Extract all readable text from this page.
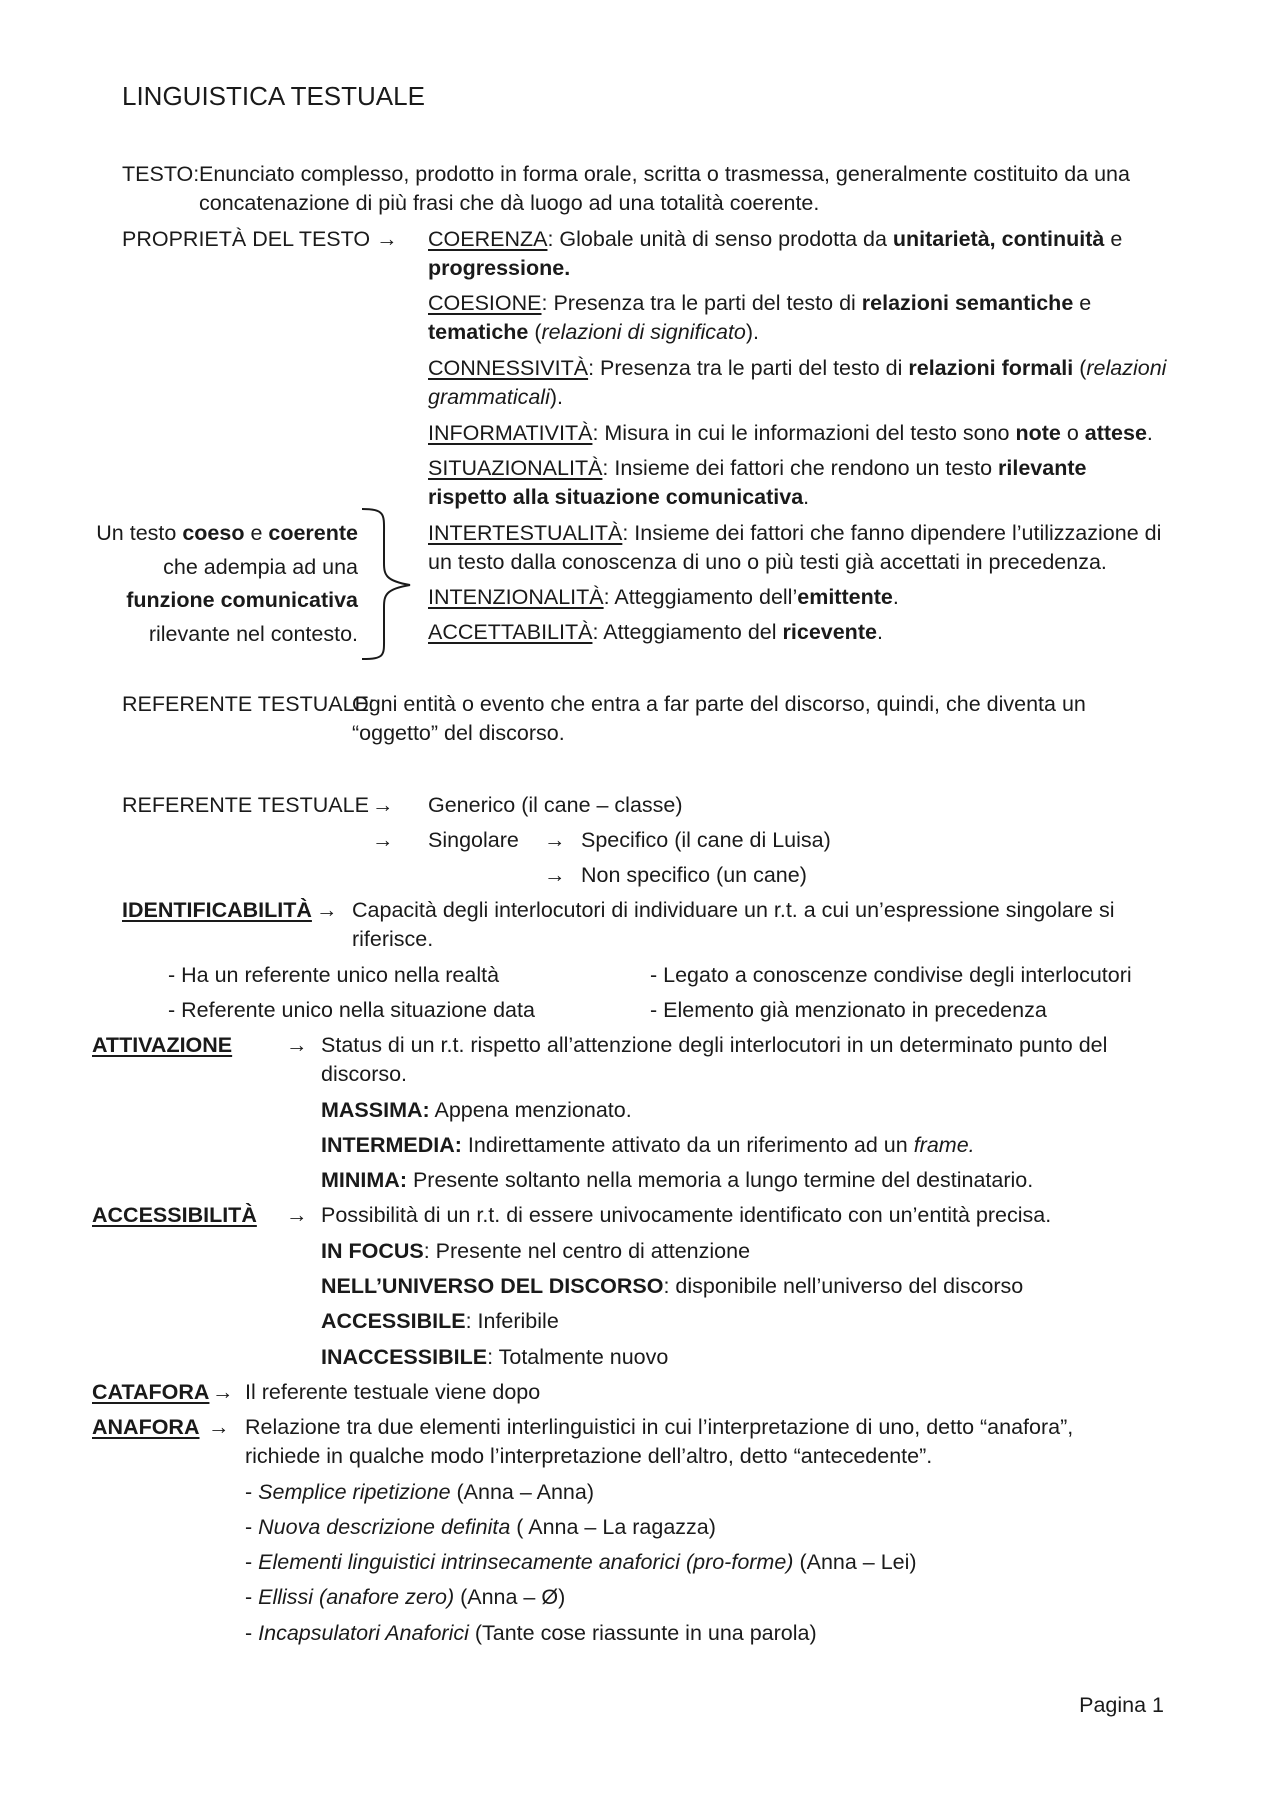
LINGUISTICA TESTUALE
TESTO: Enunciato complesso, prodotto in forma orale, scritta o trasmessa, generalmente costituito da una
concatenazione di più frasi che dà luogo ad una totalità coerente.
PROPRIETÀ DEL TESTO → COERENZA: Globale unità di senso prodotta da unitarietà, continuità e
progressione.
COESIONE: Presenza tra le parti del testo di relazioni semantiche e
tematiche (relazioni di significato).
CONNESSIVITÀ: Presenza tra le parti del testo di relazioni formali (relazioni
grammaticali).
INFORMATIVITÀ: Misura in cui le informazioni del testo sono note o attese.
SITUAZIONALITÀ: Insieme dei fattori che rendono un testo rilevante
rispetto alla situazione comunicativa.
INTERTESTUALITÀ: Insieme dei fattori che fanno dipendere l’utilizzazione di
un testo dalla conoscenza di uno o più testi già accettati in precedenza.
INTENZIONALITÀ: Atteggiamento dell’emittente.
ACCETTABILITÀ: Atteggiamento del ricevente.
Un testo coeso e coerente
che adempia ad una
funzione comunicativa
rilevante nel contesto.
REFERENTE TESTUALE:
Ogni entità o evento che entra a far parte del discorso, quindi, che diventa un
“oggetto” del discorso.
REFERENTE TESTUALE → Generico (il cane – classe)
→ Singolare → Specifico (il cane di Luisa)
→ Non specifico (un cane)
IDENTIFICABILITÀ → Capacità degli interlocutori di individuare un r.t. a cui un’espressione singolare si
riferisce.
- Ha un referente unico nella realtà
- Referente unico nella situazione data
- Legato a conoscenze condivise degli interlocutori
- Elemento già menzionato in precedenza
ATTIVAZIONE	→ Status di un r.t. rispetto all’attenzione degli interlocutori in un determinato punto del
discorso.
MASSIMA: Appena menzionato.
INTERMEDIA: Indirettamente attivato da un riferimento ad un frame.
MINIMA: Presente soltanto nella memoria a lungo termine del destinatario.
ACCESSIBILITÀ → Possibilità di un r.t. di essere univocamente identificato con un’entità precisa.
IN FOCUS: Presente nel centro di attenzione
NELL’UNIVERSO DEL DISCORSO: disponibile nell’universo del discorso
ACCESSIBILE: Inferibile
INACCESSIBILE: Totalmente nuovo
CATAFORA → Il referente testuale viene dopo
ANAFORA → Relazione tra due elementi interlinguistici in cui l’interpretazione di uno, detto “anafora”,
richiede in qualche modo l’interpretazione dell’altro, detto “antecedente”.
- Semplice ripetizione (Anna – Anna)
- Nuova descrizione definita ( Anna – La ragazza)
- Elementi linguistici intrinsecamente anaforici (pro-forme) (Anna – Lei)
- Ellissi (anafore zero) (Anna – Ø)
- Incapsulatori Anaforici (Tante cose riassunte in una parola)
Pagina 1
